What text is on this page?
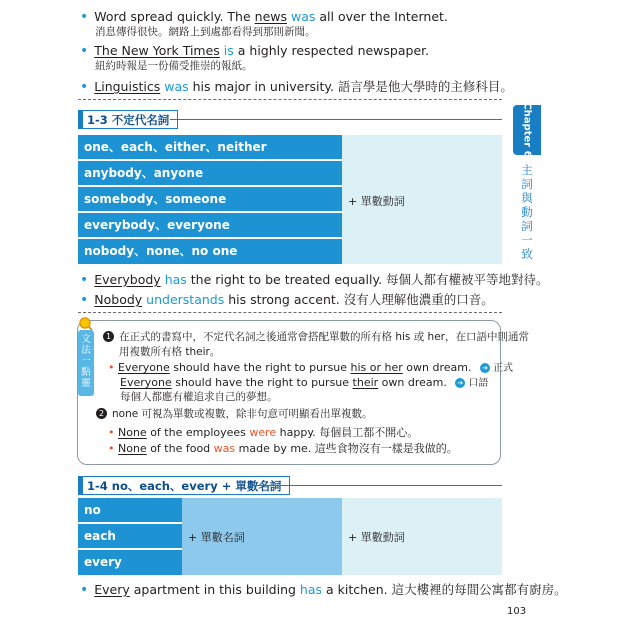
• Word spread quickly. The news was all over the Internet.
消息傳得很快。網路上到處都看得到那則新聞。
• The New York Times is a highly respected newspaper.
紐約時報是一份備受推崇的報紙。
• Linguistics was his major in university. 語言學是他大學時的主修科目。
Chapter 6
主
詞
與
動
詞
一
致
1-3 不定代名詞
one、each、either、neither
anybody、anyone
somebody、someone
everybody、everyone
nobody、none、no one
+ 單數動詞
• Everybody has the right to be treated equally. 每個人都有權被平等地對待。
• Nobody understands his strong accent. 沒有人理解他濃重的口音。
文
法
一
點
靈
1 在正式的書寫中，不定代名詞之後通常會搭配單數的所有格 his 或 her，在口語中則通常
用複數所有格 their。
• Everyone should have the right to pursue his or her own dream. ➔ 正式
Everyone should have the right to pursue their own dream. ➔ 口語
每個人都應有權追求自己的夢想。
2 none 可視為單數或複數，除非句意可明顯看出單複數。
• None of the employees were happy. 每個員工都不開心。
• None of the food was made by me. 這些食物沒有一樣是我做的。
1-4 no、each、every + 單數名詞
no
each
every
+ 單數名詞	+ 單數動詞
• Every apartment in this building has a kitchen. 這大樓裡的每間公寓都有廚房。
103
